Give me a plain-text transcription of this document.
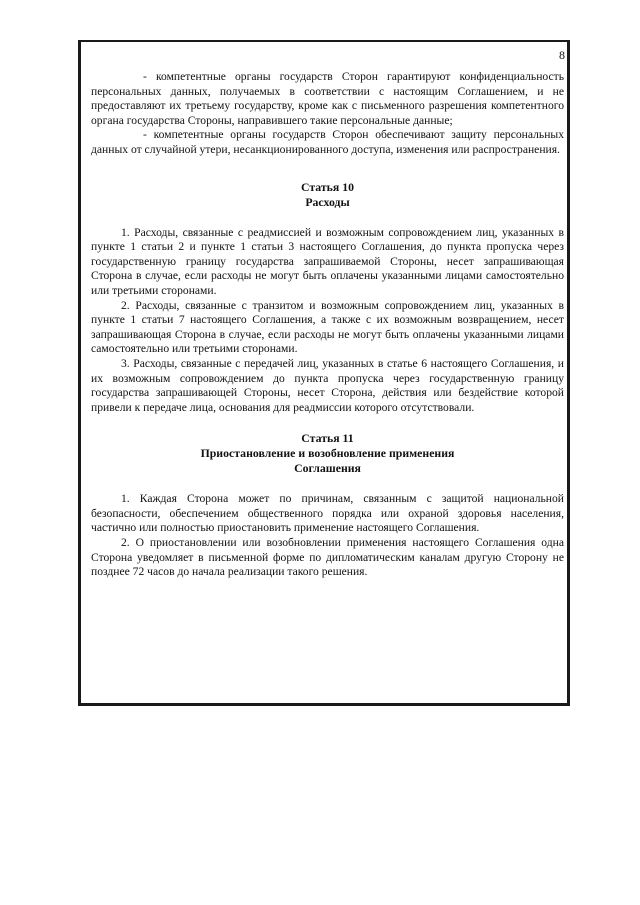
8

- компетентные органы государств Сторон гарантируют конфиденциальность персональных данных, получаемых в соответствии с настоящим Соглашением, и не предоставляют их третьему государству, кроме как с письменного разрешения компетентного органа государства Стороны, направившего такие персональные данные;

- компетентные органы государств Сторон обеспечивают защиту персональных данных от случайной утери, несанкционированного доступа, изменения или распространения.

Статья 10

Расходы

1. Расходы, связанные с реадмиссией и возможным сопровождением лиц, указанных в пункте 1 статьи 2 и пункте 1 статьи 3 настоящего Соглашения, до пункта пропуска через государственную границу государства запрашиваемой Стороны, несет запрашивающая Сторона в случае, если расходы не могут быть оплачены указанными лицами самостоятельно или третьими сторонами.

2. Расходы, связанные с транзитом и возможным сопровождением лиц, указанных в пункте 1 статьи 7 настоящего Соглашения, а также с их возможным возвращением, несет запрашивающая Сторона в случае, если расходы не могут быть оплачены указанными лицами самостоятельно или третьими сторонами.

3. Расходы, связанные с передачей лиц, указанных в статье 6 настоящего Соглашения, и их возможным сопровождением до пункта пропуска через государственную границу государства запрашивающей Стороны, несет Сторона, действия или бездействие которой привели к передаче лица, основания для реадмиссии которого отсутствовали.

Статья 11

Приостановление и возобновление применения

Соглашения

1. Каждая Сторона может по причинам, связанным с защитой национальной безопасности, обеспечением общественного порядка или охраной здоровья населения, частично или полностью приостановить применение настоящего Соглашения.

2. О приостановлении или возобновлении применения настоящего Соглашения одна Сторона уведомляет в письменной форме по дипломатическим каналам другую Сторону не позднее 72 часов до начала реализации такого решения.
